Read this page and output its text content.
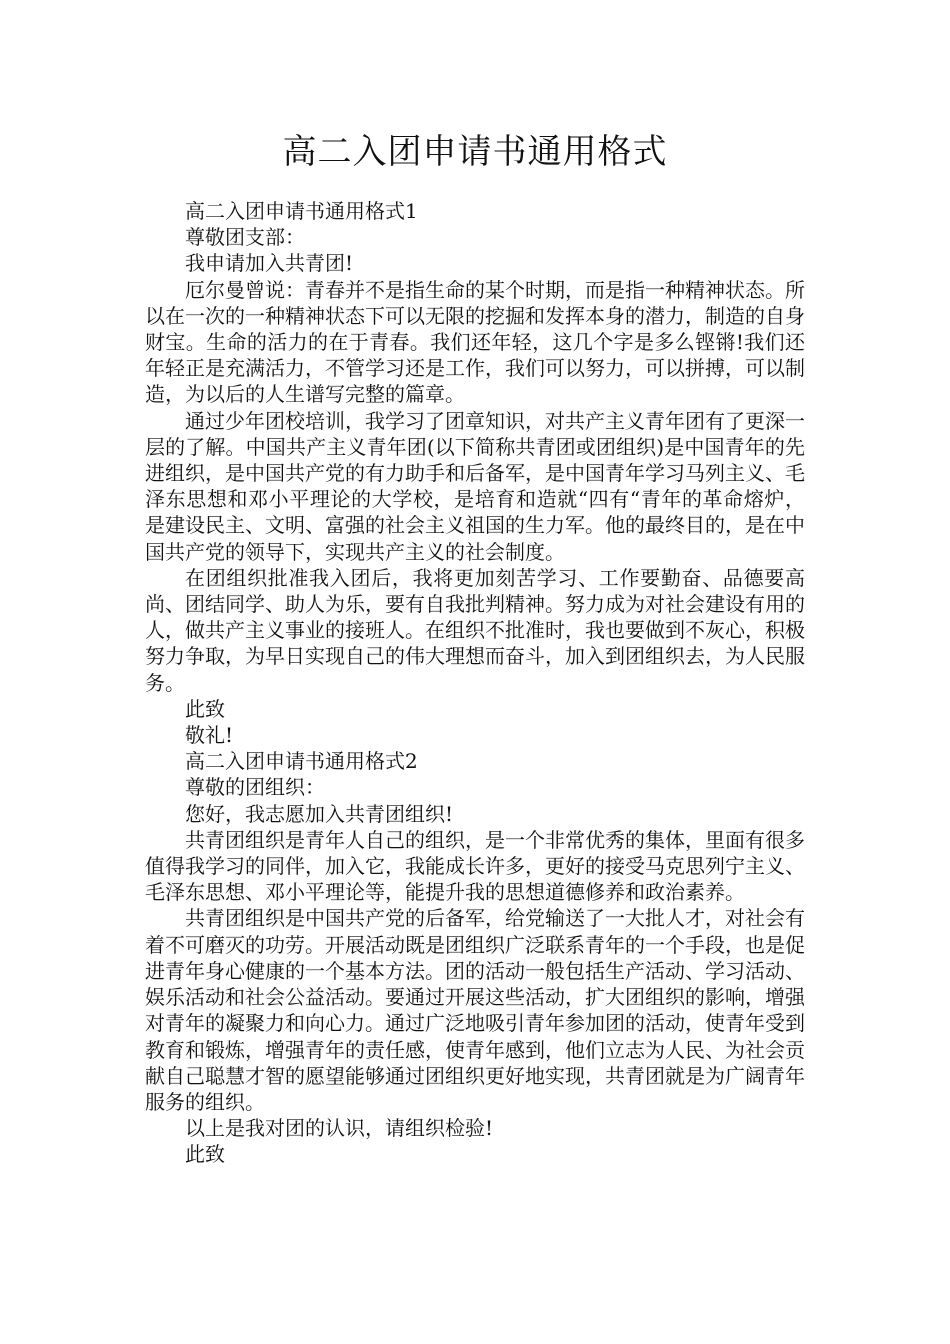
高二入团申请书通用格式

高二入团申请书通用格式1

尊敬团支部：

我申请加入共青团!

厄尔曼曾说：青春并不是指生命的某个时期，而是指一种精神状态。所以在一次的一种精神状态下可以无限的挖掘和发挥本身的潜力，制造的自身财宝。生命的活力的在于青春。我们还年轻，这几个字是多么铿锵!我们还年轻正是充满活力，不管学习还是工作，我们可以努力，可以拼搏，可以制造，为以后的人生谱写完整的篇章。

通过少年团校培训，我学习了团章知识，对共产主义青年团有了更深一层的了解。中国共产主义青年团(以下简称共青团或团组织)是中国青年的先进组织，是中国共产党的有力助手和后备军，是中国青年学习马列主义、毛泽东思想和邓小平理论的大学校，是培育和造就“四有“青年的革命熔炉，是建设民主、文明、富强的社会主义祖国的生力军。他的最终目的，是在中国共产党的领导下，实现共产主义的社会制度。

在团组织批准我入团后，我将更加刻苦学习、工作要勤奋、品德要高尚、团结同学、助人为乐，要有自我批判精神。努力成为对社会建设有用的人，做共产主义事业的接班人。在组织不批准时，我也要做到不灰心，积极努力争取，为早日实现自己的伟大理想而奋斗，加入到团组织去，为人民服务。

此致

敬礼!

高二入团申请书通用格式2

尊敬的团组织：

您好，我志愿加入共青团组织!

共青团组织是青年人自己的组织，是一个非常优秀的集体，里面有很多值得我学习的同伴，加入它，我能成长许多，更好的接受马克思列宁主义、毛泽东思想、邓小平理论等，能提升我的思想道德修养和政治素养。

共青团组织是中国共产党的后备军，给党输送了一大批人才，对社会有着不可磨灭的功劳。开展活动既是团组织广泛联系青年的一个手段，也是促进青年身心健康的一个基本方法。团的活动一般包括生产活动、学习活动、娱乐活动和社会公益活动。要通过开展这些活动，扩大团组织的影响，增强对青年的凝聚力和向心力。通过广泛地吸引青年参加团的活动，使青年受到教育和锻炼，增强青年的责任感，使青年感到，他们立志为人民、为社会贡献自己聪慧才智的愿望能够通过团组织更好地实现，共青团就是为广阔青年服务的组织。

以上是我对团的认识，请组织检验!

此致
